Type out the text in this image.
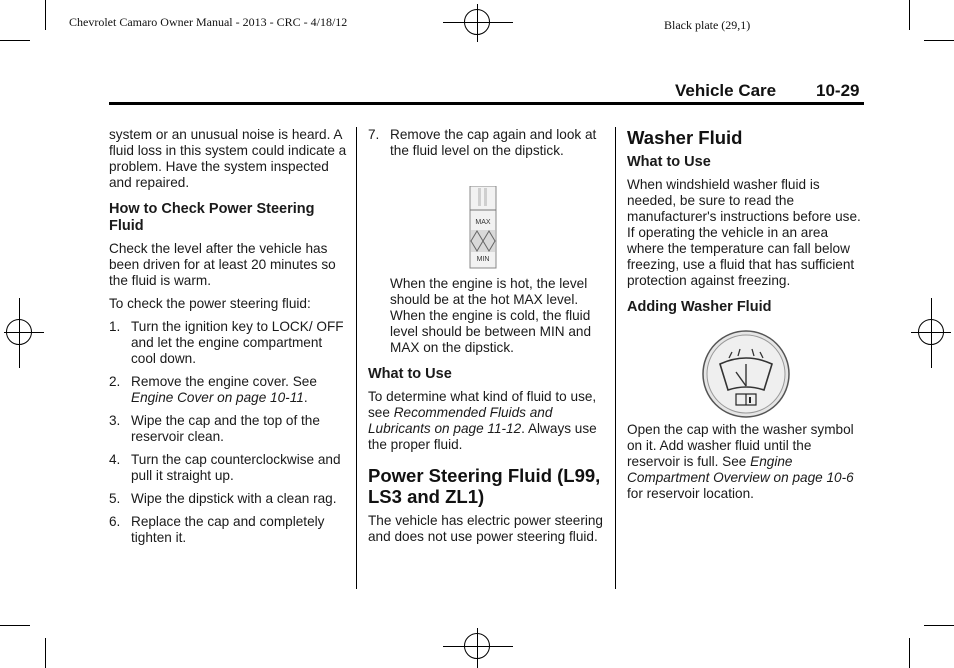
Chevrolet Camaro Owner Manual - 2013 - CRC - 4/18/12	Black plate (29,1)
Vehicle Care 10-29

system or an unusual noise is heard. A fluid loss in this system could indicate a problem. Have the system inspected and repaired.

How to Check Power Steering Fluid

Check the level after the vehicle has been driven for at least 20 minutes so the fluid is warm.

To check the power steering fluid:

1. Turn the ignition key to LOCK/ OFF and let the engine compartment cool down.
2. Remove the engine cover. See Engine Cover on page 10-11.
3. Wipe the cap and the top of the reservoir clean.
4. Turn the cap counterclockwise and pull it straight up.
5. Wipe the dipstick with a clean rag.
6. Replace the cap and completely tighten it.
7. Remove the cap again and look at the fluid level on the dipstick.
MAX
MIN

When the engine is hot, the level should be at the hot MAX level. When the engine is cold, the fluid level should be between MIN and MAX on the dipstick.

What to Use

To determine what kind of fluid to use, see Recommended Fluids and Lubricants on page 11-12. Always use the proper fluid.

Power Steering Fluid (L99, LS3 and ZL1)

The vehicle has electric power steering and does not use power steering fluid.

Washer Fluid
What to Use

When windshield washer fluid is needed, be sure to read the manufacturer's instructions before use. If operating the vehicle in an area where the temperature can fall below freezing, use a fluid that has sufficient protection against freezing.

Adding Washer Fluid

Open the cap with the washer symbol on it. Add washer fluid until the reservoir is full. See Engine Compartment Overview on page 10-6 for reservoir location.
